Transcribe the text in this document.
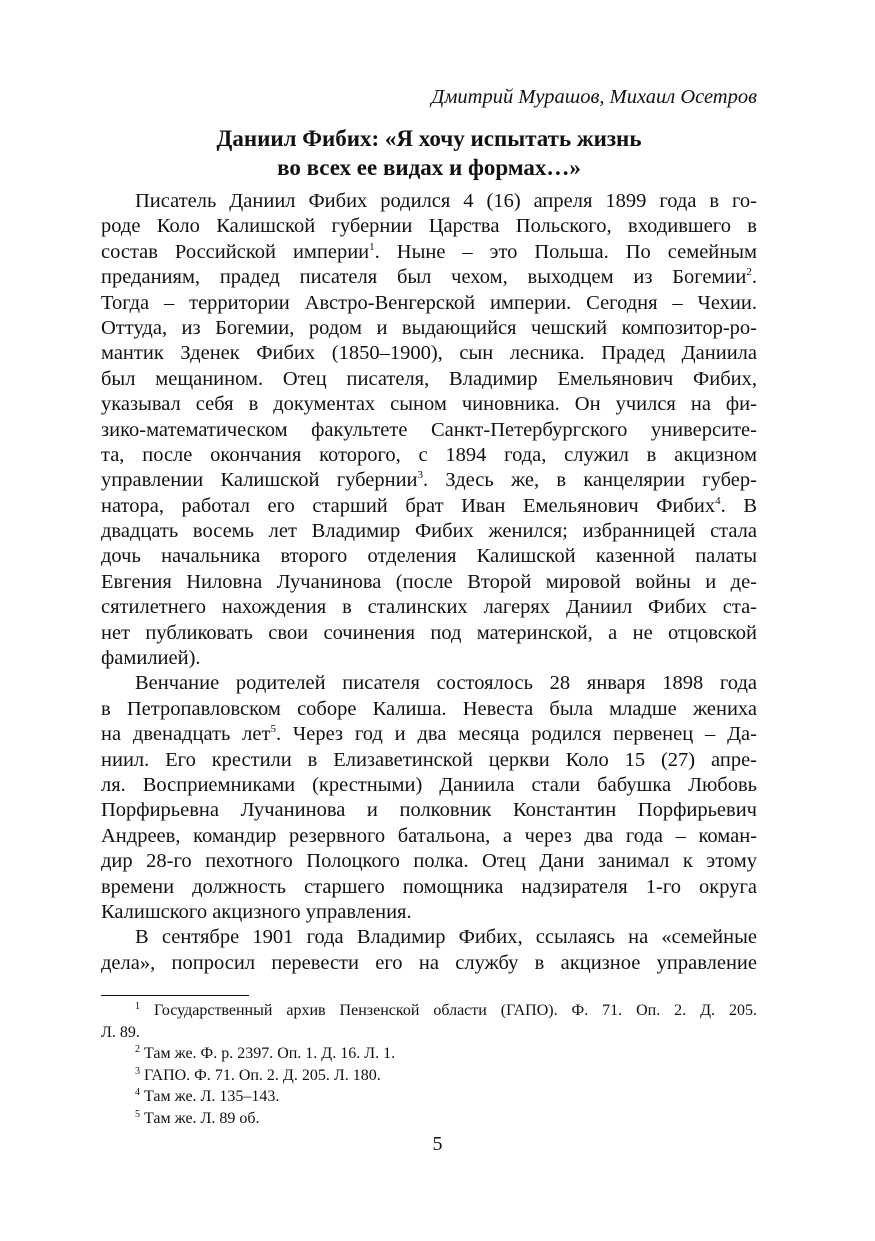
Дмитрий Мурашов, Михаил Осетров
Даниил Фибих: «Я хочу испытать жизнь
во всех ее видах и формах…»
Писатель Даниил Фибих родился 4 (16) апреля 1899 года в го-
роде Коло Калишской губернии Царства Польского, входившего в
состав Российской империи$^1$. Ныне – это Польша. По семейным
преданиям, прадед писателя был чехом, выходцем из Богемии$^2$.
Тогда – территории Австро-Венгерской империи. Сегодня – Чехии.
Оттуда, из Богемии, родом и выдающийся чешский композитор-ро-
мантик Зденек Фибих (1850–1900), сын лесника. Прадед Даниила
был мещанином. Отец писателя, Владимир Емельянович Фибих,
указывал себя в документах сыном чиновника. Он учился на фи-
зико-математическом факультете Санкт-Петербургского университе-
та, после окончания которого, с 1894 года, служил в акцизном
управлении Калишской губернии$^3$. Здесь же, в канцелярии губер-
натора, работал его старший брат Иван Емельянович Фибих$^4$. В
двадцать восемь лет Владимир Фибих женился; избранницей стала
дочь начальника второго отделения Калишской казенной палаты
Евгения Ниловна Лучанинова (после Второй мировой войны и де-
сятилетнего нахождения в сталинских лагерях Даниил Фибих ста-
нет публиковать свои сочинения под материнской, а не отцовской
фамилией).
Венчание родителей писателя состоялось 28 января 1898 года
в Петропавловском соборе Калиша. Невеста была младше жениха
на двенадцать лет$^5$. Через год и два месяца родился первенец – Да-
ниил. Его крестили в Елизаветинской церкви Коло 15 (27) апре-
ля. Восприемниками (крестными) Даниила стали бабушка Любовь
Порфирьевна Лучанинова и полковник Константин Порфирьевич
Андреев, командир резервного батальона, а через два года – коман-
дир 28-го пехотного Полоцкого полка. Отец Дани занимал к этому
времени должность старшего помощника надзирателя 1-го округа
Калишского акцизного управления.
В сентябре 1901 года Владимир Фибих, ссылаясь на «семейные
дела», попросил перевести его на службу в акцизное управление
$^1$ Государственный архив Пензенской области (ГАПО). Ф. 71. Оп. 2. Д. 205.
Л. 89.
$^2$ Там же. Ф. р. 2397. Оп. 1. Д. 16. Л. 1.
$^3$ ГАПО. Ф. 71. Оп. 2. Д. 205. Л. 180.
$^4$ Там же. Л. 135–143.
$^5$ Там же. Л. 89 об.
5
